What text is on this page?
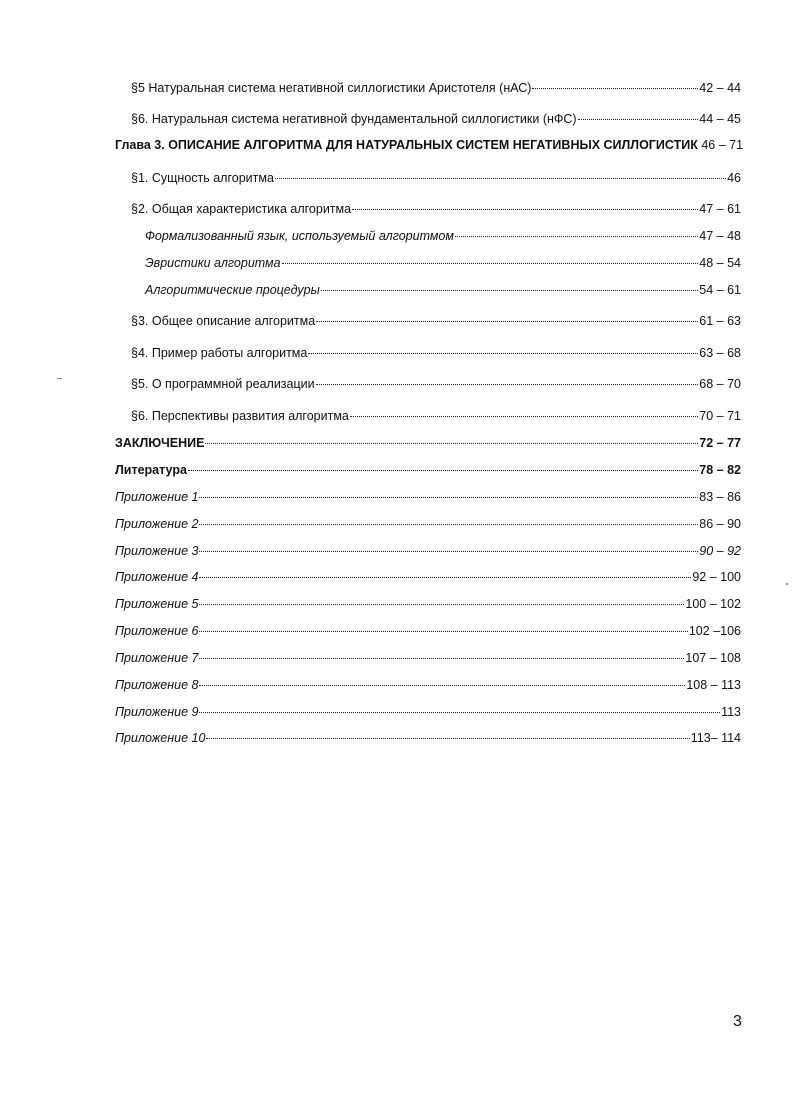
§5 Натуральная система негативной силлогистики Аристотеля (нАС)	42 – 44
§6. Натуральная система негативной фундаментальной силлогистики (нФС)	44 – 45
Глава 3. ОПИСАНИЕ АЛГОРИТМА ДЛЯ НАТУРАЛЬНЫХ СИСТЕМ НЕГАТИВНЫХ СИЛЛОГИСТИК 46 – 71
§1. Сущность алгоритма	46
§2. Общая характеристика алгоритма	47 – 61
Формализованный язык, используемый алгоритмом	47 – 48
Эвристики алгоритма	48 – 54
Алгоритмические процедуры	54 – 61
§3. Общее описание алгоритма	61 – 63
§4. Пример работы алгоритма	63 – 68
§5. О программной реализации	68 – 70
§6. Перспективы развития алгоритма	70 – 71
ЗАКЛЮЧЕНИЕ	72 – 77
Литература	78 – 82
Приложение 1	83 – 86
Приложение 2	86 – 90
Приложение 3	90 – 92
Приложение 4	92 – 100
Приложение 5	100 – 102
Приложение 6	102 –106
Приложение 7	107 – 108
Приложение 8	108 – 113
Приложение 9	113
Приложение 10	113– 114
3
